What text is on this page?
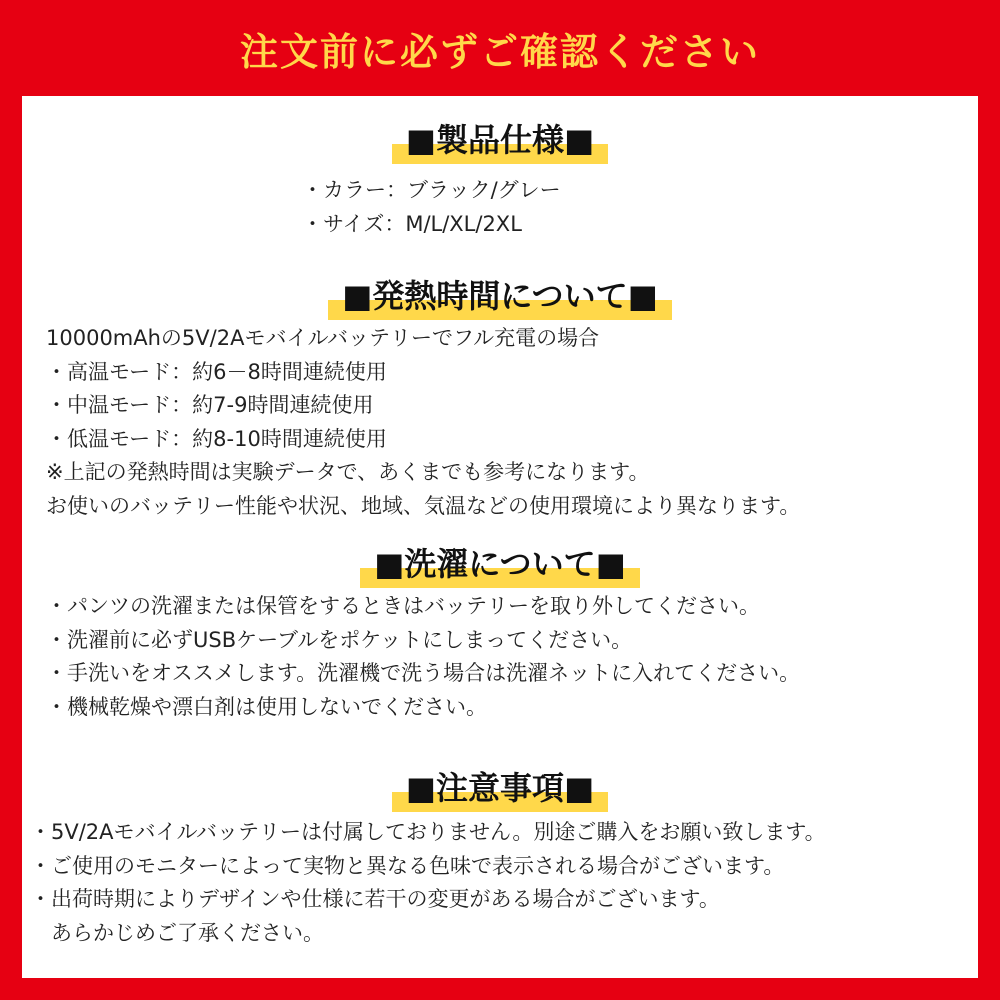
注文前に必ずご確認ください
■製品仕様■
・カラー：ブラック/グレー
・サイズ：M/L/XL/2XL
■発熱時間について■
10000mAhの5V/2Aモバイルバッテリーでフル充電の場合
・高温モード：約6－8時間連続使用
・中温モード：約7-9時間連続使用
・低温モード：約8-10時間連続使用
※上記の発熱時間は実験データで、あくまでも参考になります。
お使いのバッテリー性能や状況、地域、気温などの使用環境により異なります。
■洗濯について■
・パンツの洗濯または保管をするときはバッテリーを取り外してください。
・洗濯前に必ずUSBケーブルをポケットにしまってください。
・手洗いをオススメします。洗濯機で洗う場合は洗濯ネットに入れてください。
・機械乾燥や漂白剤は使用しないでください。
■注意事項■
・5V/2Aモバイルバッテリーは付属しておりません。別途ご購入をお願い致します。
・ご使用のモニターによって実物と異なる色味で表示される場合がございます。
・出荷時期によりデザインや仕様に若干の変更がある場合がございます。
　あらかじめご了承ください。
